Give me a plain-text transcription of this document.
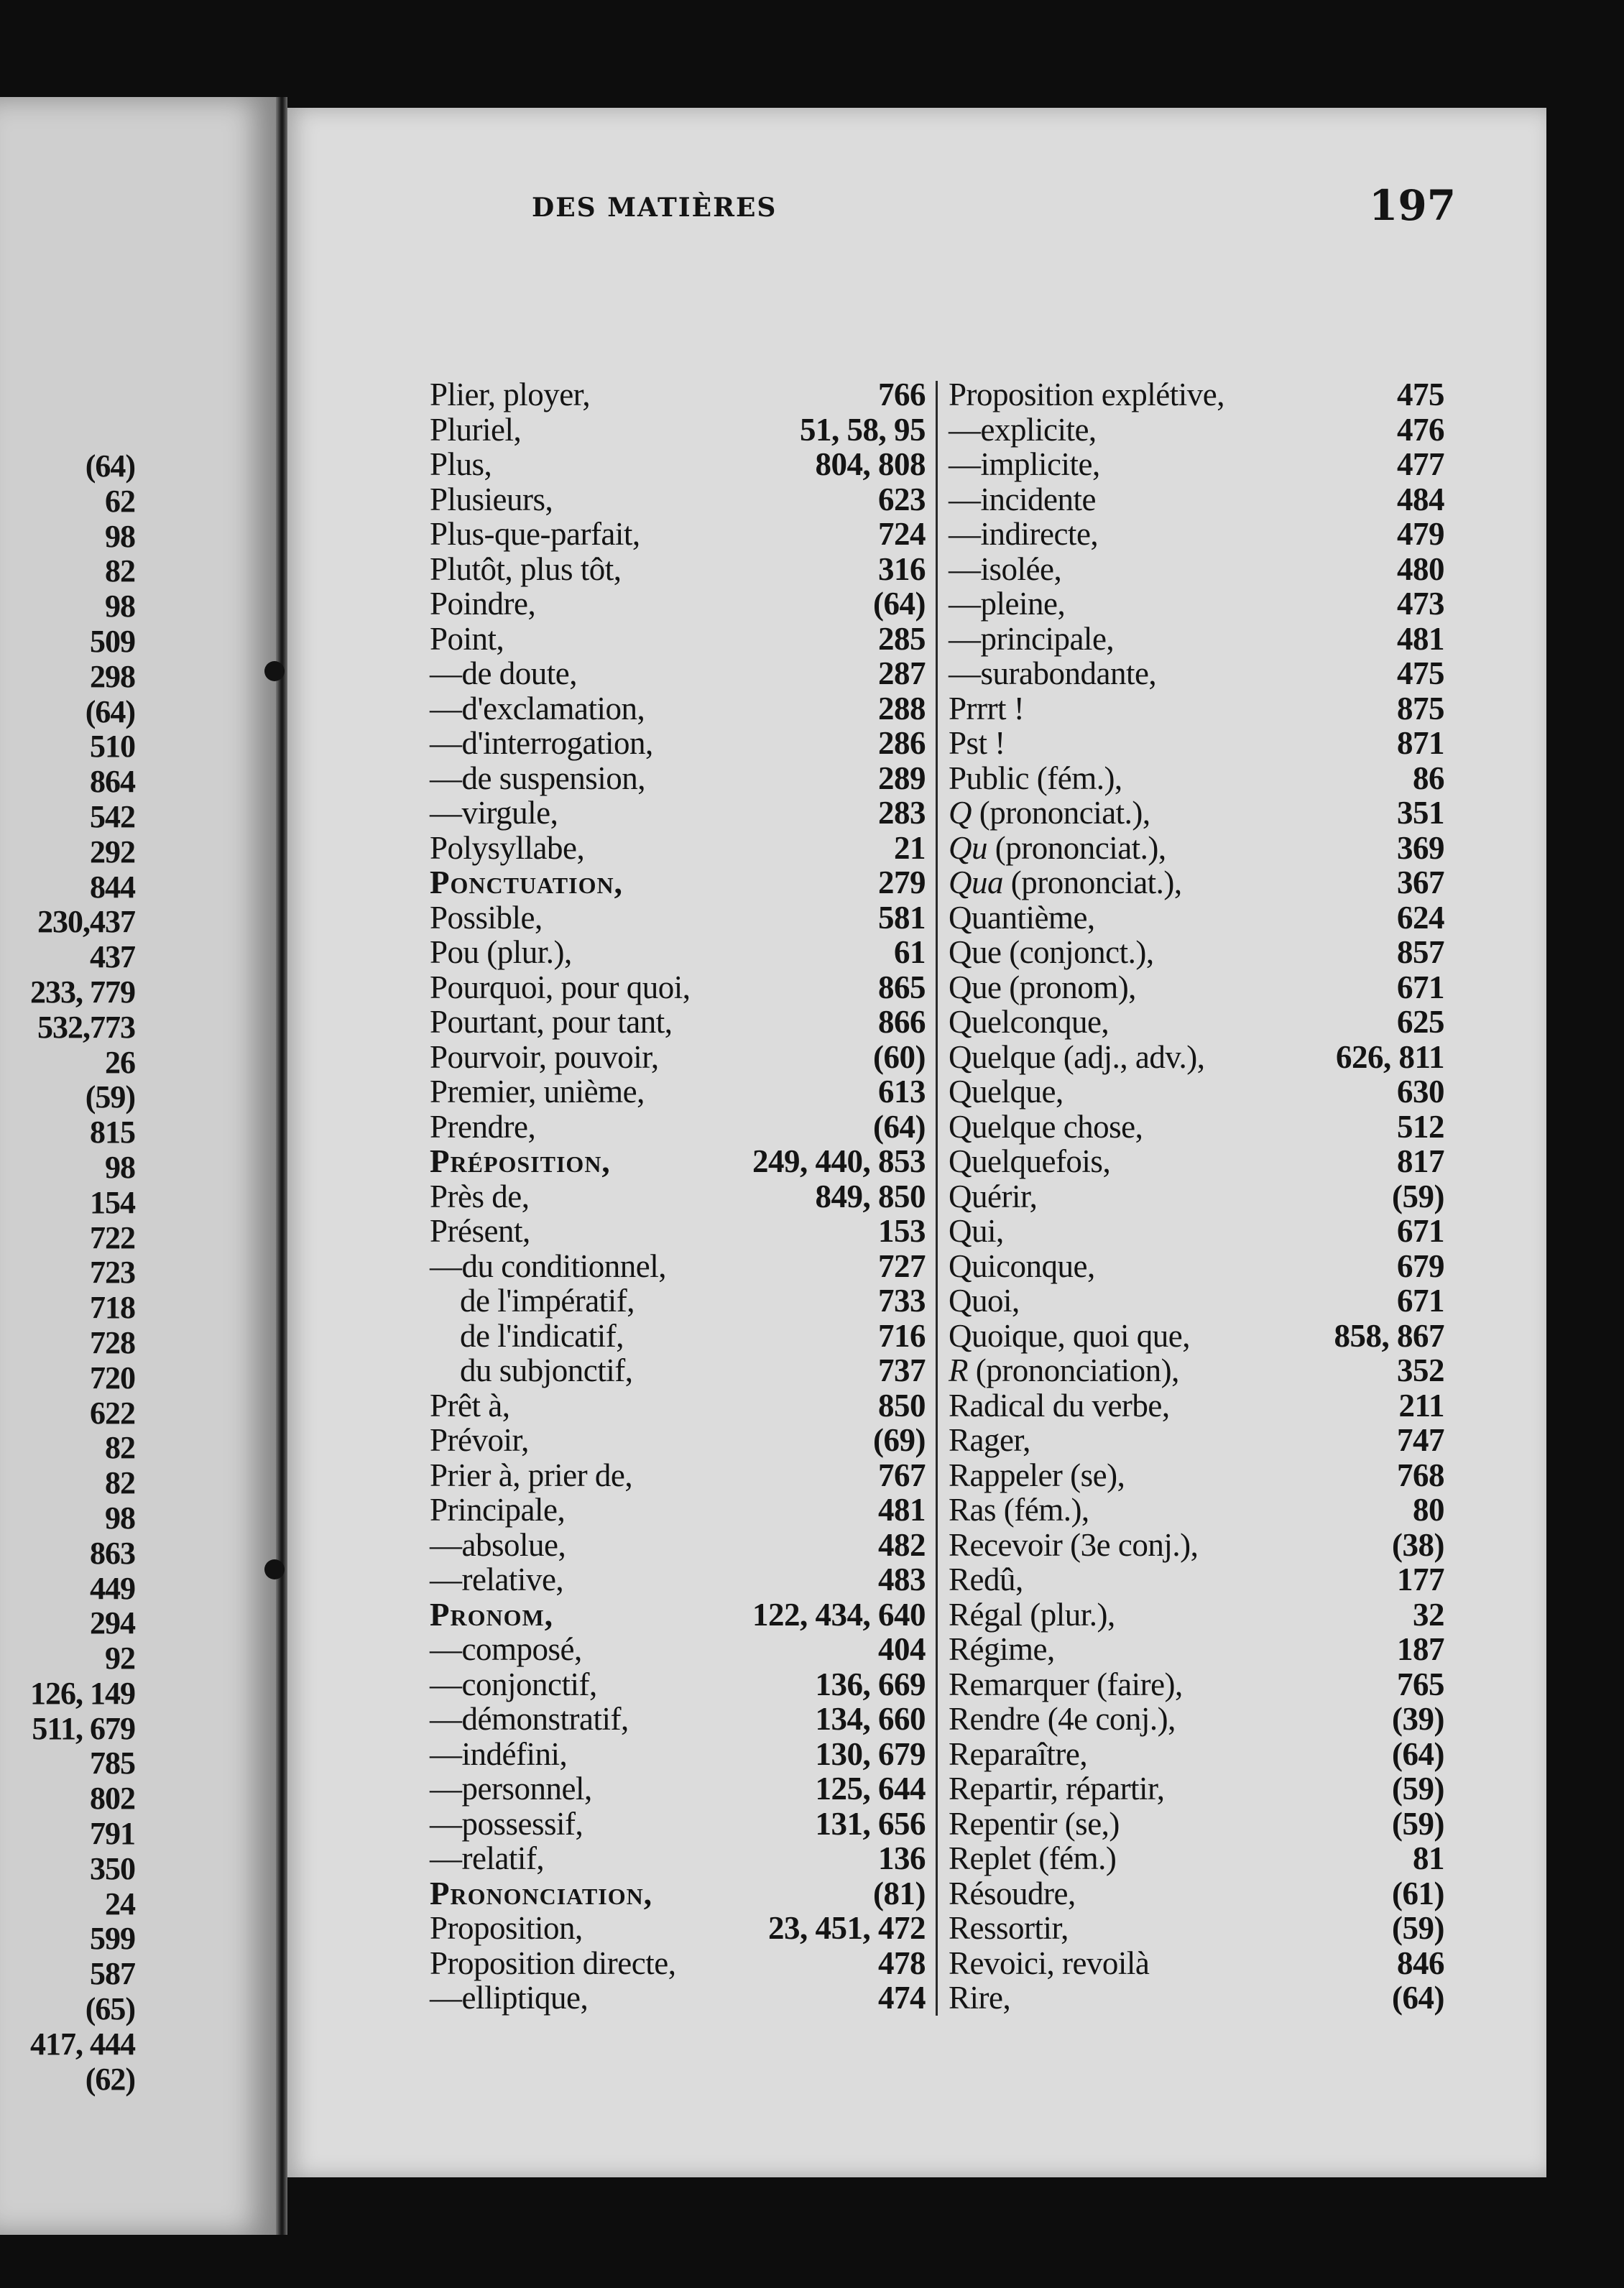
(64)
62
98
82
98
509
298
(64)
510
864
542
292
844
230,437
437
233, 779
532,773
26
(59)
815
98
154
722
723
718
728
720
622
82
82
98
863
449
294
92
126, 149
511, 679
785
802
791
350
24
599
587
(65)
417, 444
(62)
DES MATIÈRES	197
Plier, ployer,	766
Pluriel,	51, 58, 95
Plus,	804, 808
Plusieurs,	623
Plus-que-parfait,	724
Plutôt, plus tôt,	316
Poindre,	(64)
Point,	285
—de doute,	287
—d'exclamation,	288
—d'interrogation,	286
—de suspension,	289
—virgule,	283
Polysyllabe,	21
Ponctuation,	279
Possible,	581
Pou (plur.),	61
Pourquoi, pour quoi,	865
Pourtant, pour tant,	866
Pourvoir, pouvoir,	(60)
Premier, unième,	613
Prendre,	(64)
Préposition,	249, 440, 853
Près de,	849, 850
Présent,	153
—du conditionnel,	727
de l'impératif,	733
de l'indicatif,	716
du subjonctif,	737
Prêt à,	850
Prévoir,	(69)
Prier à, prier de,	767
Principale,	481
—absolue,	482
—relative,	483
Pronom,	122, 434, 640
—composé,	404
—conjonctif,	136, 669
—démonstratif,	134, 660
—indéfini,	130, 679
—personnel,	125, 644
—possessif,	131, 656
—relatif,	136
Prononciation,	(81)
Proposition,	23, 451, 472
Proposition directe,	478
—elliptique,	474
Proposition explétive,	475
—explicite,	476
—implicite,	477
—incidente	484
—indirecte,	479
—isolée,	480
—pleine,	473
—principale,	481
—surabondante,	475
Prrrt !	875
Pst !	871
Public (fém.),	86
Q (prononciat.),	351
Qu (prononciat.),	369
Qua (prononciat.),	367
Quantième,	624
Que (conjonct.),	857
Que (pronom),	671
Quelconque,	625
Quelque (adj., adv.),	626, 811
Quelque,	630
Quelque chose,	512
Quelquefois,	817
Quérir,	(59)
Qui,	671
Quiconque,	679
Quoi,	671
Quoique, quoi que,	858, 867
R (prononciation),	352
Radical du verbe,	211
Rager,	747
Rappeler (se),	768
Ras (fém.),	80
Recevoir (3e conj.),	(38)
Redû,	177
Régal (plur.),	32
Régime,	187
Remarquer (faire),	765
Rendre (4e conj.),	(39)
Reparaître,	(64)
Repartir, répartir,	(59)
Repentir (se,)	(59)
Replet (fém.)	81
Résoudre,	(61)
Ressortir,	(59)
Revoici, revoilà	846
Rire,	(64)
